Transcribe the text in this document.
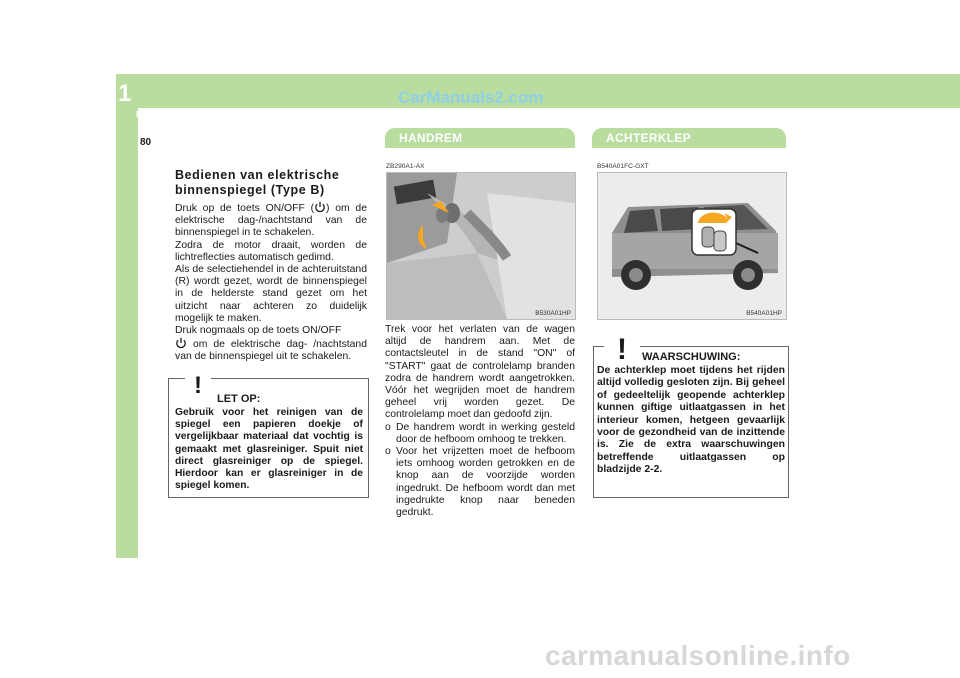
1
BIJZONDERHEDEN VAN UW HYUNDAI
CarManuals2.com
80	HANDREM	ACHTERKLEP
Bedienen van elektrische binnenspiegel (Type B)

Druk op de toets ON/OFF ( ) om de elektrische dag-/nachtstand van de binnenspiegel in te schakelen.

Zodra de motor draait, worden de lichtreflecties automatisch gedimd.

Als de selectiehendel in de achteruitstand (R) wordt gezet, wordt de binnenspiegel in de helderste stand gezet om het uitzicht naar achteren zo duidelijk mogelijk te maken.

Druk nogmaals op de toets ON/OFF
om de elektrische dag- /nachtstand van de binnenspiegel uit te schakelen.

! LET OP:
Gebruik voor het reinigen van de spiegel een papieren doekje of vergelijkbaar materiaal dat vochtig is gemaakt met glasreiniger. Spuit niet direct glasreiniger op de spiegel. Hierdoor kan er glasreiniger in de spiegel komen.
ZB290A1-AX
B530A01HP

Trek voor het verlaten van de wagen altijd de handrem aan. Met de contactsleutel in de stand "ON" of "START" gaat de controlelamp branden zodra de handrem wordt aangetrokken. Vóór het wegrijden moet de handrem geheel vrij worden gezet. De controlelamp moet dan gedoofd zijn.

o De handrem wordt in werking gesteld door de hefboom omhoog te trekken.
o Voor het vrijzetten moet de hefboom iets omhoog worden getrokken en de knop aan de voorzijde worden ingedrukt. De hefboom wordt dan met ingedrukte knop naar beneden gedrukt.
B540A01FC-GXT
B540A01HP
! WAARSCHUWING:
De achterklep moet tijdens het rijden altijd volledig gesloten zijn. Bij geheel of gedeeltelijk geopende achterklep kunnen giftige uitlaatgassen in het interieur komen, hetgeen gevaarlijk voor de gezondheid van de inzittende is. Zie de extra waarschuwingen betreffende uitlaatgassen op bladzijde 2-2.
carmanualsonline.info
